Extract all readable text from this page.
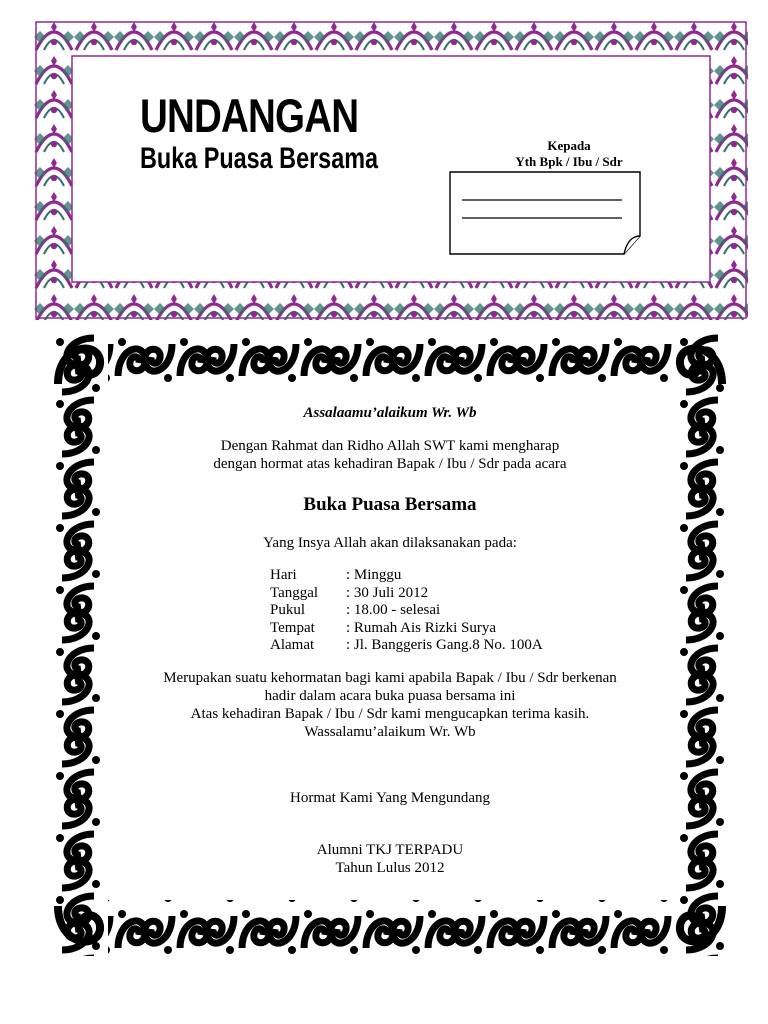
UNDANGAN
Buka Puasa Bersama	Kepada
Yth Bpk / Ibu / Sdr
Assalaamu’alaikum Wr. Wb
Dengan Rahmat dan Ridho Allah SWT kami mengharap
dengan hormat atas kehadiran Bapak / Ibu / Sdr pada acara
Buka Puasa Bersama
Yang Insya Allah akan dilaksanakan pada:
Hari	: Minggu
Tanggal	: 30 Juli 2012
Pukul	: 18.00 - selesai
Tempat	: Rumah Ais Rizki Surya
Alamat	: Jl. Banggeris Gang.8 No. 100A
Merupakan suatu kehormatan bagi kami apabila Bapak / Ibu / Sdr berkenan
hadir dalam acara buka puasa bersama ini
Atas kehadiran Bapak / Ibu / Sdr kami mengucapkan terima kasih.
Wassalamu’alaikum Wr. Wb
Hormat Kami Yang Mengundang
Alumni TKJ TERPADU
Tahun Lulus 2012
